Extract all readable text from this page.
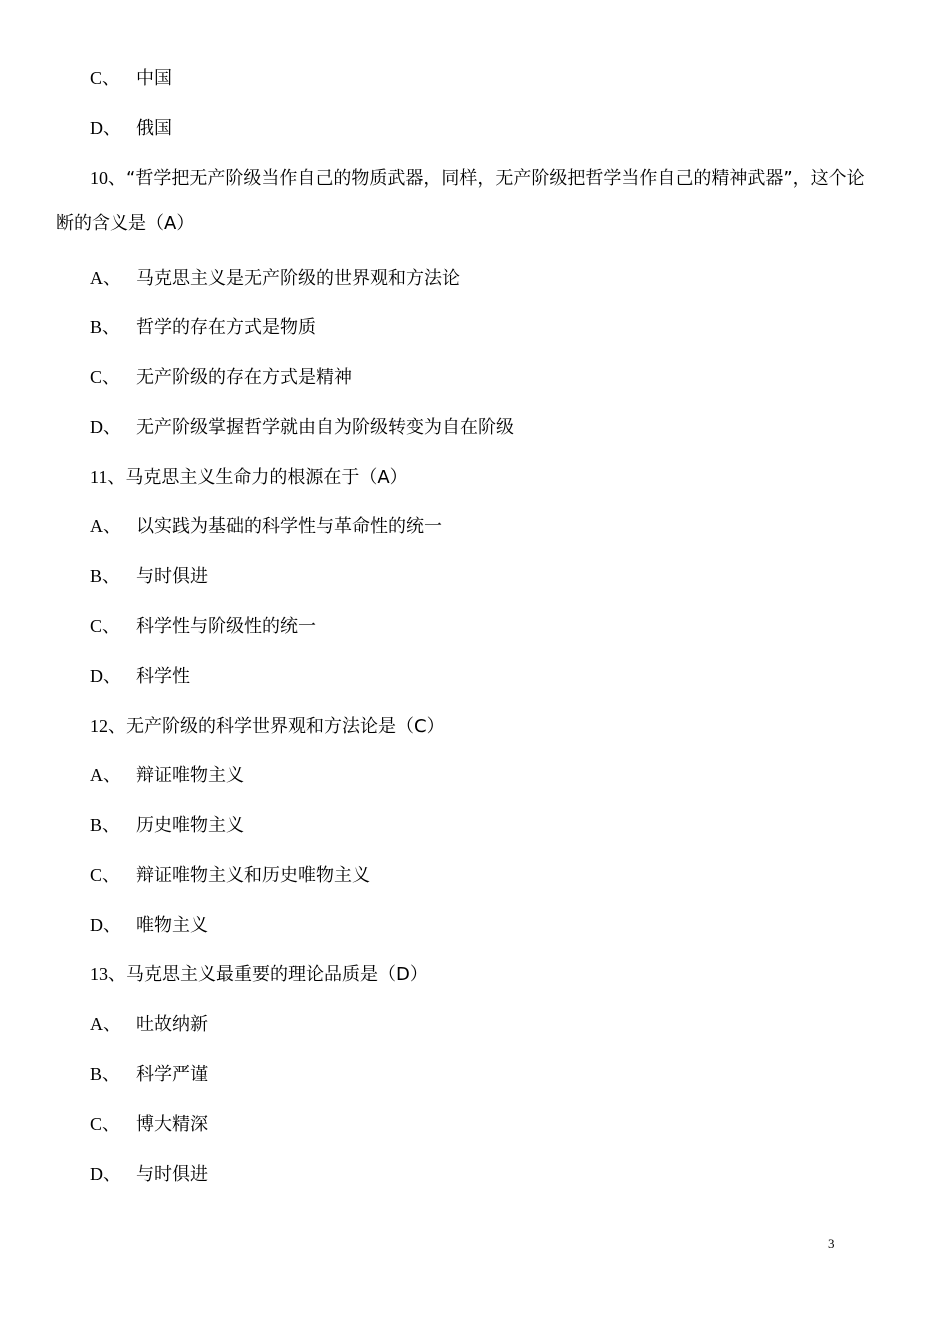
C、 中国
D、 俄国
10、“哲学把无产阶级当作自己的物质武器，同样，无产阶级把哲学当作自己的精神武器”，这个论
断的含义是（A）
A、 马克思主义是无产阶级的世界观和方法论
B、 哲学的存在方式是物质
C、 无产阶级的存在方式是精神
D、 无产阶级掌握哲学就由自为阶级转变为自在阶级
11、马克思主义生命力的根源在于（A）
A、 以实践为基础的科学性与革命性的统一
B、 与时俱进
C、 科学性与阶级性的统一
D、 科学性
12、无产阶级的科学世界观和方法论是（C）
A、 辩证唯物主义
B、 历史唯物主义
C、 辩证唯物主义和历史唯物主义
D、 唯物主义
13、马克思主义最重要的理论品质是（D）
A、 吐故纳新
B、 科学严谨
C、 博大精深
D、 与时俱进
3
